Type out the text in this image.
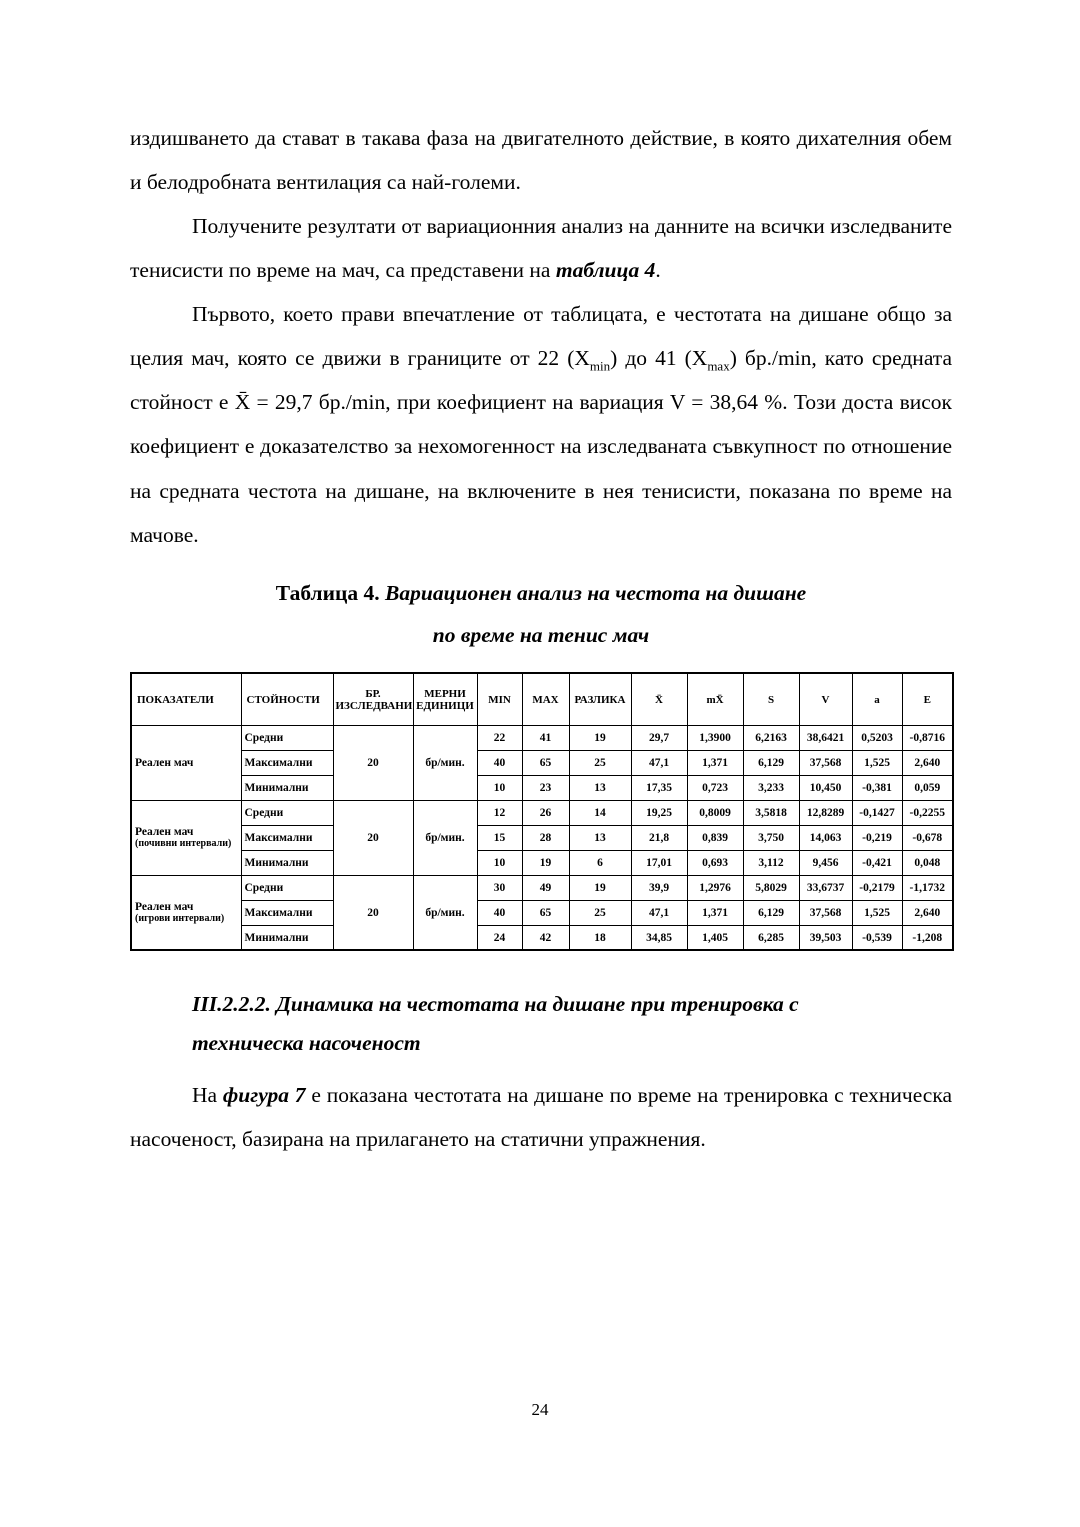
издишването да стават в такава фаза на двигателното действие, в която дихателния обем и белодробната вентилация са най-големи.

Получените резултати от вариационния анализ на данните на всички изследваните тенисисти по време на мач, са представени на таблица 4.

Първото, което прави впечатление от таблицата, е честотата на дишане общо за целия мач, която се движи в границите от 22 $(X_{min})$ до 41 $(X_{max})$ бр./min, като средната стойност е X̄ = 29,7 бр./min, при коефициент на вариация V = 38,64 %. Този доста висок коефициент е доказателство за нехомогенност на изследваната съвкупност по отношение на средната честота на дишане, на включените в нея тенисисти, показана по време на мачове.

Таблица 4. Вариационен анализ на честота на дишане
по време на тенис мач
ПОКАЗАТЕЛИ	СТОЙНОСТИ	БР. ИЗСЛЕДВАНИ	МЕРНИ ЕДИНИЦИ	MIN	MAX	РАЗЛИКА	X̄	mX̄	S	V	a	E
Реален мач	Средни	20	бр/мин.	22	41	19	29,7	1,3900	6,2163	38,6421	0,5203	-0,8716
	Максимални			40	65	25	47,1	1,371	6,129	37,568	1,525	2,640
	Минимални			10	23	13	17,35	0,723	3,233	10,450	-0,381	0,059
Реален мач
(почивни интервали)	Средни	20	бр/мин.	12	26	14	19,25	0,8009	3,5818	12,8289	-0,1427	-0,2255
	Максимални			15	28	13	21,8	0,839	3,750	14,063	-0,219	-0,678
	Минимални			10	19	6	17,01	0,693	3,112	9,456	-0,421	0,048
Реален мач
(игрови интервали)	Средни	20	бр/мин.	30	49	19	39,9	1,2976	5,8029	33,6737	-0,2179	-1,1732
	Максимални			40	65	25	47,1	1,371	6,129	37,568	1,525	2,640
	Минимални			24	42	18	34,85	1,405	6,285	39,503	-0,539	-1,208
III.2.2.2. Динамика на честотата на дишане при тренировка с
техническа насоченост

На фигура 7 е показана честотата на дишане по време на тренировка с техническа насоченост, базирана на прилагането на статични упражнения.

24
